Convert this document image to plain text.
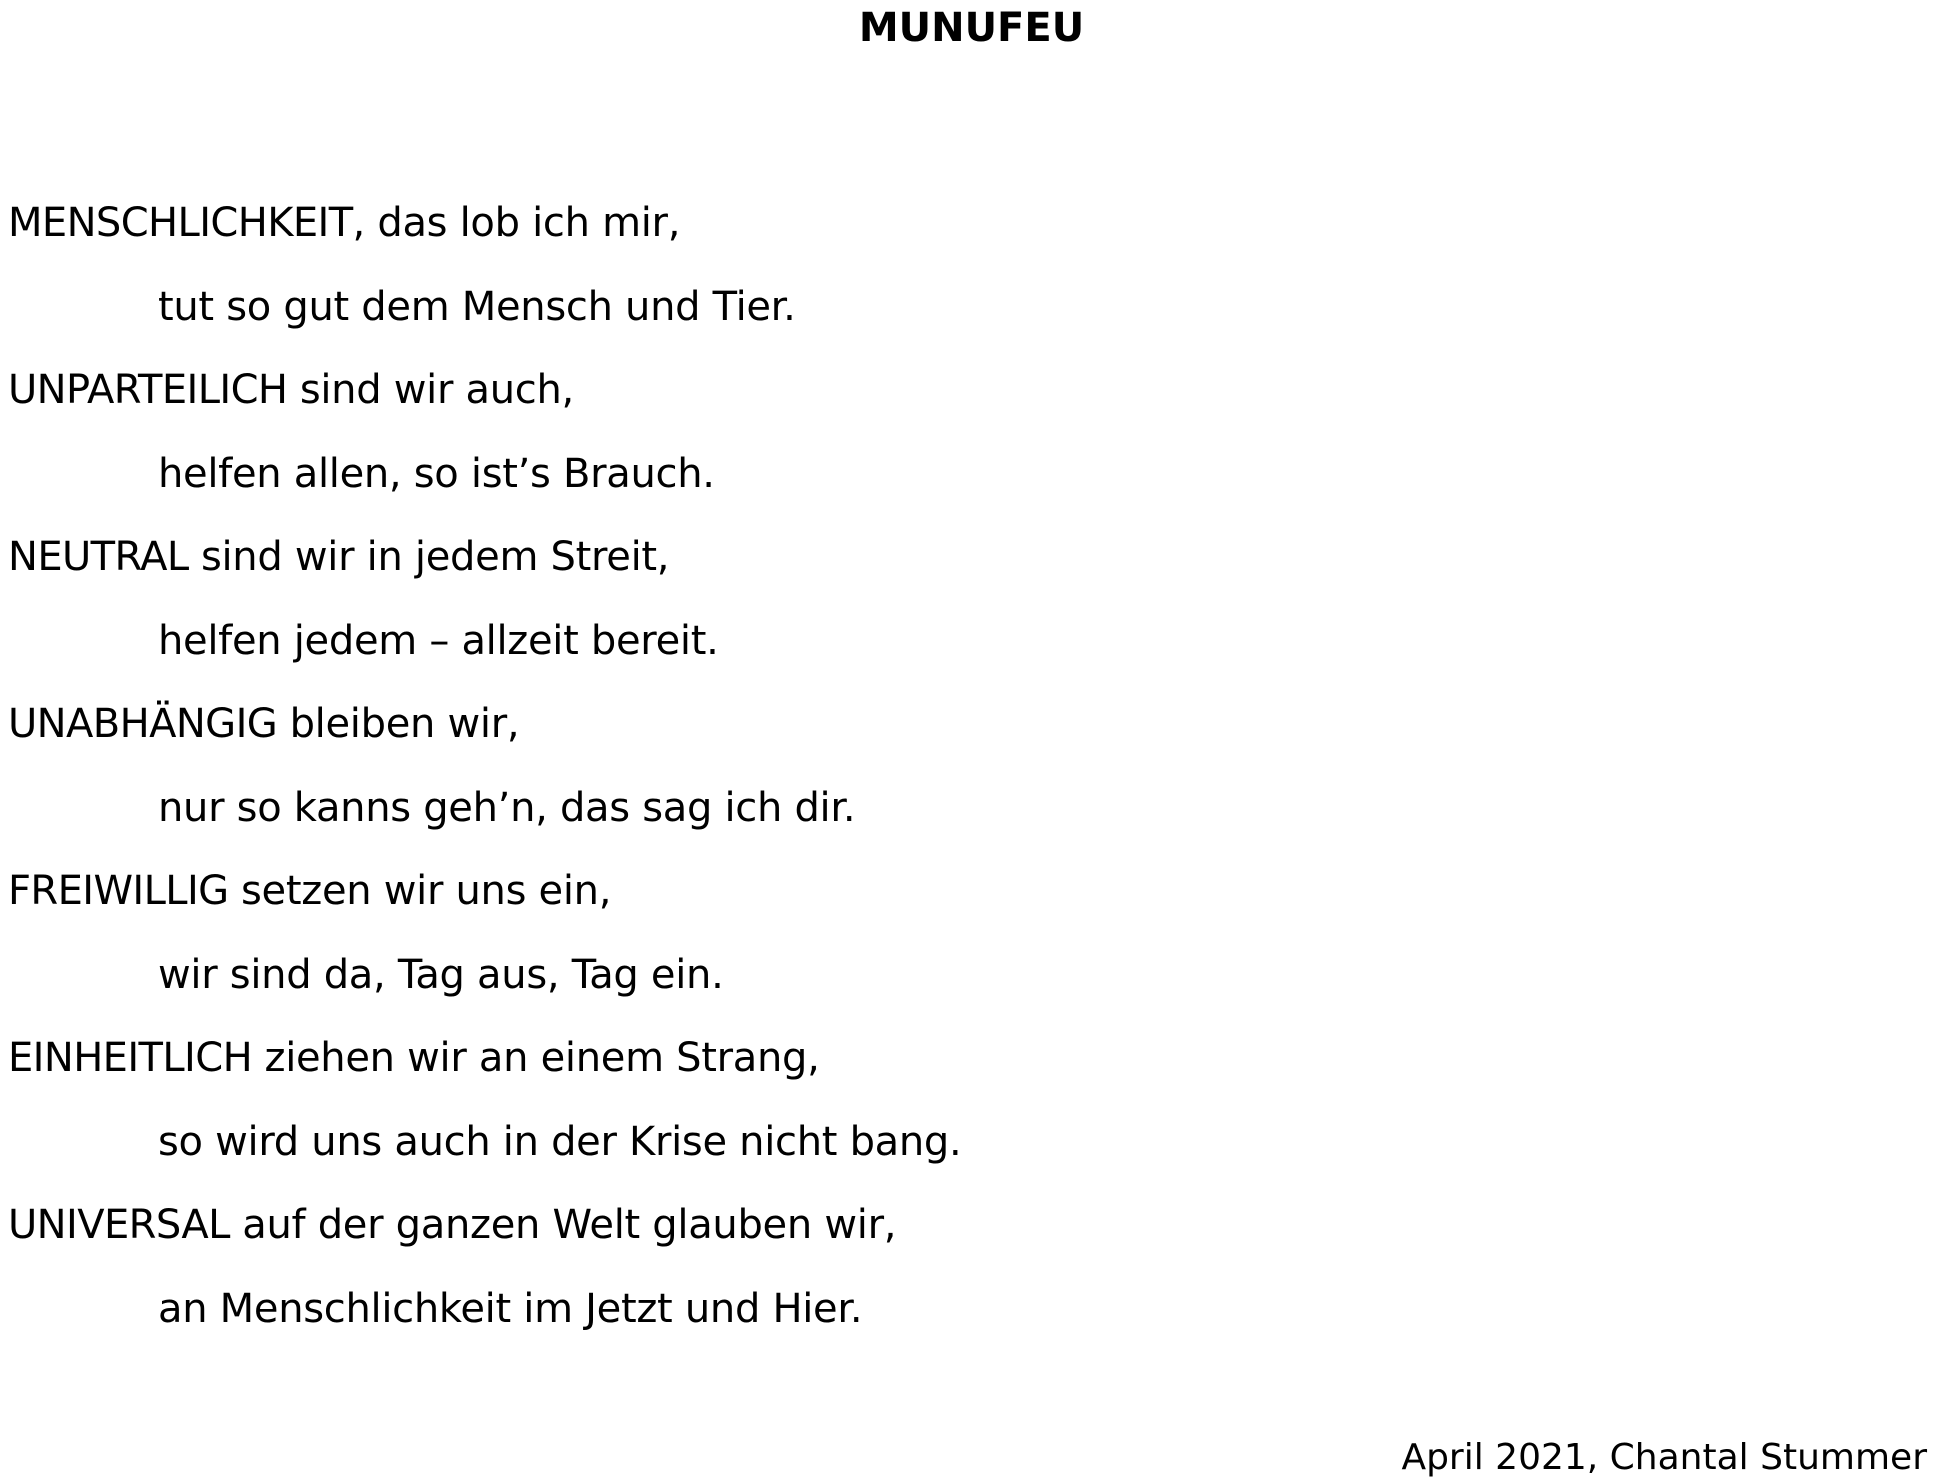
MUNUFEU
MENSCHLICHKEIT, das lob ich mir,
tut so gut dem Mensch und Tier.
UNPARTEILICH sind wir auch,
helfen allen, so ist’s Brauch.
NEUTRAL sind wir in jedem Streit,
helfen jedem – allzeit bereit.
UNABHÄNGIG bleiben wir,
nur so kanns geh’n, das sag ich dir.
FREIWILLIG setzen wir uns ein,
wir sind da, Tag aus, Tag ein.
EINHEITLICH ziehen wir an einem Strang,
so wird uns auch in der Krise nicht bang.
UNIVERSAL auf der ganzen Welt glauben wir,
an Menschlichkeit im Jetzt und Hier.
April 2021, Chantal Stummer
